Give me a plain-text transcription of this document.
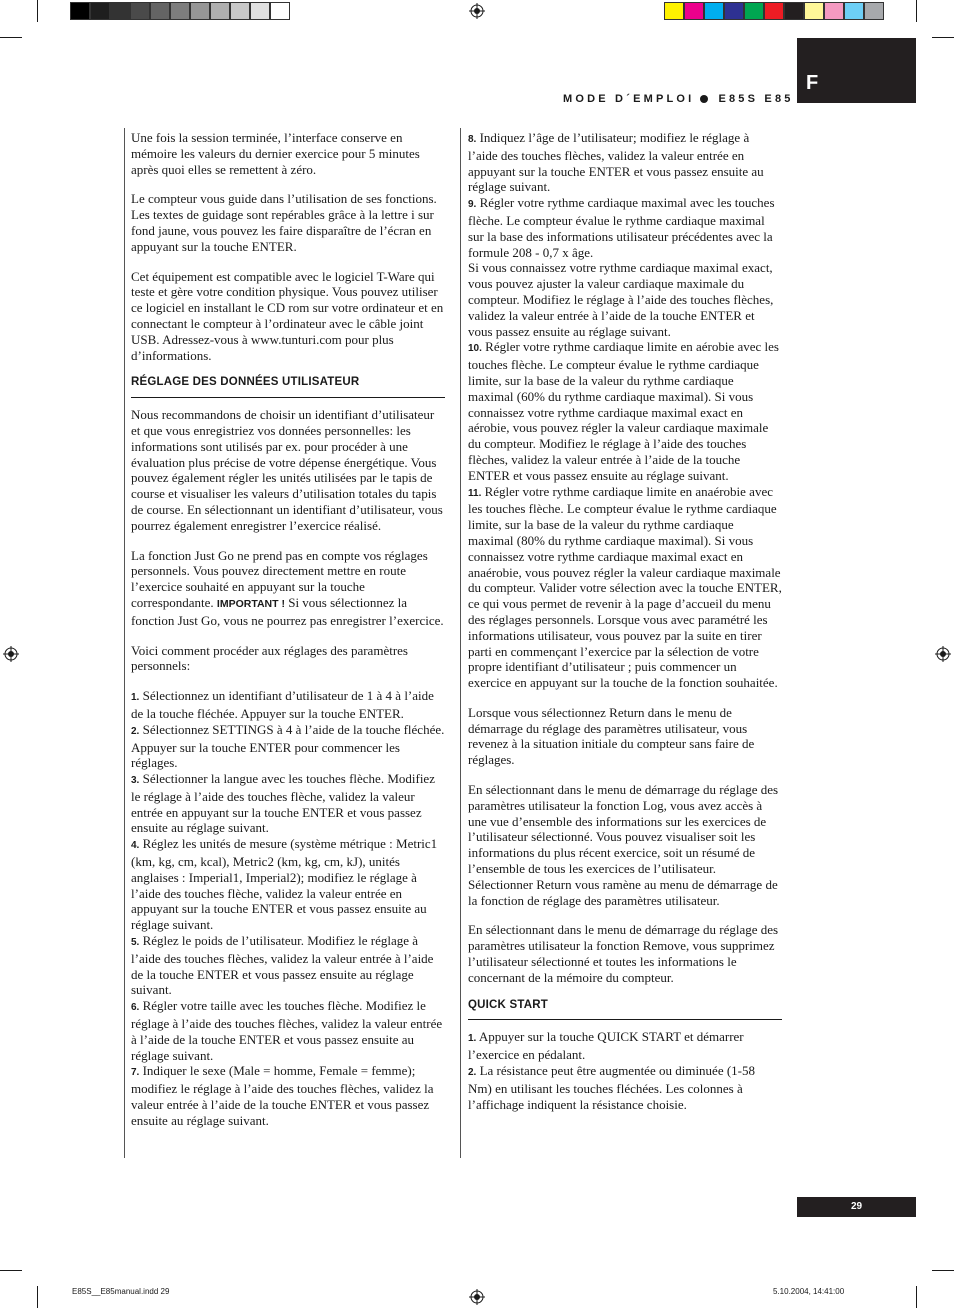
MODE D´EMPLOI E85S E85
F

Une fois la session terminée, l’interface conserve en mémoire les valeurs du dernier exercice pour 5 minutes après quoi elles se remettent à zéro.

Le compteur vous guide dans l’utilisation de ses fonctions. Les textes de guidage sont repérables grâce à la lettre i sur fond jaune, vous pouvez les faire disparaître de l’écran en appuyant sur la touche ENTER.

Cet équipement est compatible avec le logiciel T-Ware qui teste et gère votre condition physique. Vous pouvez utiliser ce logiciel en installant le CD rom sur votre ordinateur et en connectant le compteur à l’ordinateur avec le câble joint USB. Adressez-vous à www.tunturi.com pour plus d’informations.

RÉGLAGE DES DONNÉES UTILISATEUR

Nous recommandons de choisir un identifiant d’utilisateur et que vous enregistriez vos données personnelles: les informations sont utilisés par ex. pour procéder à une évaluation plus précise de votre dépense énergétique. Vous pouvez également régler les unités utilisées par le tapis de course et visualiser les valeurs d’utilisation totales du tapis de course. En sélectionnant un identifiant d’utilisateur, vous pourrez également enregistrer l’exercice réalisé.

La fonction Just Go ne prend pas en compte vos réglages personnels. Vous pouvez directement mettre en route l’exercice souhaité en appuyant sur la touche correspondante. IMPORTANT ! Si vous sélectionnez la fonction Just Go, vous ne pourrez pas enregistrer l’exercice.

Voici comment procéder aux réglages des paramètres personnels:

1. Sélectionnez un identifiant d’utilisateur de 1 à 4 à l’aide de la touche fléchée. Appuyer sur la touche ENTER.

2. Sélectionnez SETTINGS à 4 à l’aide de la touche fléchée. Appuyer sur la touche ENTER pour commencer les réglages.

3. Sélectionner la langue avec les touches flèche. Modifiez le réglage à l’aide des touches flèche, validez la valeur entrée en appuyant sur la touche ENTER et vous passez ensuite au réglage suivant.

4. Réglez les unités de mesure (système métrique : Metric1 (km, kg, cm, kcal), Metric2 (km, kg, cm, kJ), unités anglaises : Imperial1, Imperial2); modifiez le réglage à l’aide des touches flèche, validez la valeur entrée en appuyant sur la touche ENTER et vous passez ensuite au réglage suivant.

5. Réglez le poids de l’utilisateur. Modifiez le réglage à l’aide des touches flèches, validez la valeur entrée à l’aide de la touche ENTER et vous passez ensuite au réglage suivant.

6. Régler votre taille avec les touches flèche. Modifiez le réglage à l’aide des touches flèches, validez la valeur entrée à l’aide de la touche ENTER et vous passez ensuite au réglage suivant.

7. Indiquer le sexe (Male = homme, Female = femme); modifiez le réglage à l’aide des touches flèches, validez la valeur entrée à l’aide de la touche ENTER et vous passez ensuite au réglage suivant.

8. Indiquez l’âge de l’utilisateur; modifiez le réglage à l’aide des touches flèches, validez la valeur entrée en appuyant sur la touche ENTER et vous passez ensuite au réglage suivant.

9. Régler votre rythme cardiaque maximal avec les touches flèche. Le compteur évalue le rythme cardiaque maximal sur la base des informations utilisateur précédentes avec la formule 208 - 0,7 x âge.

Si vous connaissez votre rythme cardiaque maximal exact, vous pouvez ajuster la valeur cardiaque maximale du compteur. Modifiez le réglage à l’aide des touches flèches, validez la valeur entrée à l’aide de la touche ENTER et vous passez ensuite au réglage suivant.

10. Régler votre rythme cardiaque limite en aérobie avec les touches flèche. Le compteur évalue le rythme cardiaque limite, sur la base de la valeur du rythme cardiaque maximal (60% du rythme cardiaque maximal). Si vous connaissez votre rythme cardiaque maximal exact en aérobie, vous pouvez régler la valeur cardiaque maximale du compteur. Modifiez le réglage à l’aide des touches flèches, validez la valeur entrée à l’aide de la touche ENTER et vous passez ensuite au réglage suivant.

11. Régler votre rythme cardiaque limite en anaérobie avec les touches flèche. Le compteur évalue le rythme cardiaque limite, sur la base de la valeur du rythme cardiaque maximal (80% du rythme cardiaque maximal). Si vous connaissez votre rythme cardiaque maximal exact en anaérobie, vous pouvez régler la valeur cardiaque maximale du compteur. Valider votre sélection avec la touche ENTER, ce qui vous permet de revenir à la page d’accueil du menu des réglages personnels. Lorsque vous avec paramétré les informations utilisateur, vous pouvez par la suite en tirer parti en commençant l’exercice par la sélection de votre propre identifiant d’utilisateur ; puis commencer un exercice en appuyant sur la touche de la fonction souhaitée.

Lorsque vous sélectionnez Return dans le menu de démarrage du réglage des paramètres utilisateur, vous revenez à la situation initiale du compteur sans faire de réglages.

En sélectionnant dans le menu de démarrage du réglage des paramètres utilisateur la fonction Log, vous avez accès à une vue d’ensemble des informations sur les exercices de l’utilisateur sélectionné. Vous pouvez visualiser soit les informations du plus récent exercice, soit un résumé de l’ensemble de tous les exercices de l’utilisateur. Sélectionner Return vous ramène au menu de démarrage de la fonction de réglage des paramètres utilisateur.

En sélectionnant dans le menu de démarrage du réglage des paramètres utilisateur la fonction Remove, vous supprimez l’utilisateur sélectionné et toutes les informations le concernant de la mémoire du compteur.

QUICK START

1. Appuyer sur la touche QUICK START et démarrer l’exercice en pédalant.

2. La résistance peut être augmentée ou diminuée (1-58 Nm) en utilisant les touches fléchées. Les colonnes à l’affichage indiquent la résistance choisie.

29
E85S__E85manual.indd 29	5.10.2004, 14:41:00
